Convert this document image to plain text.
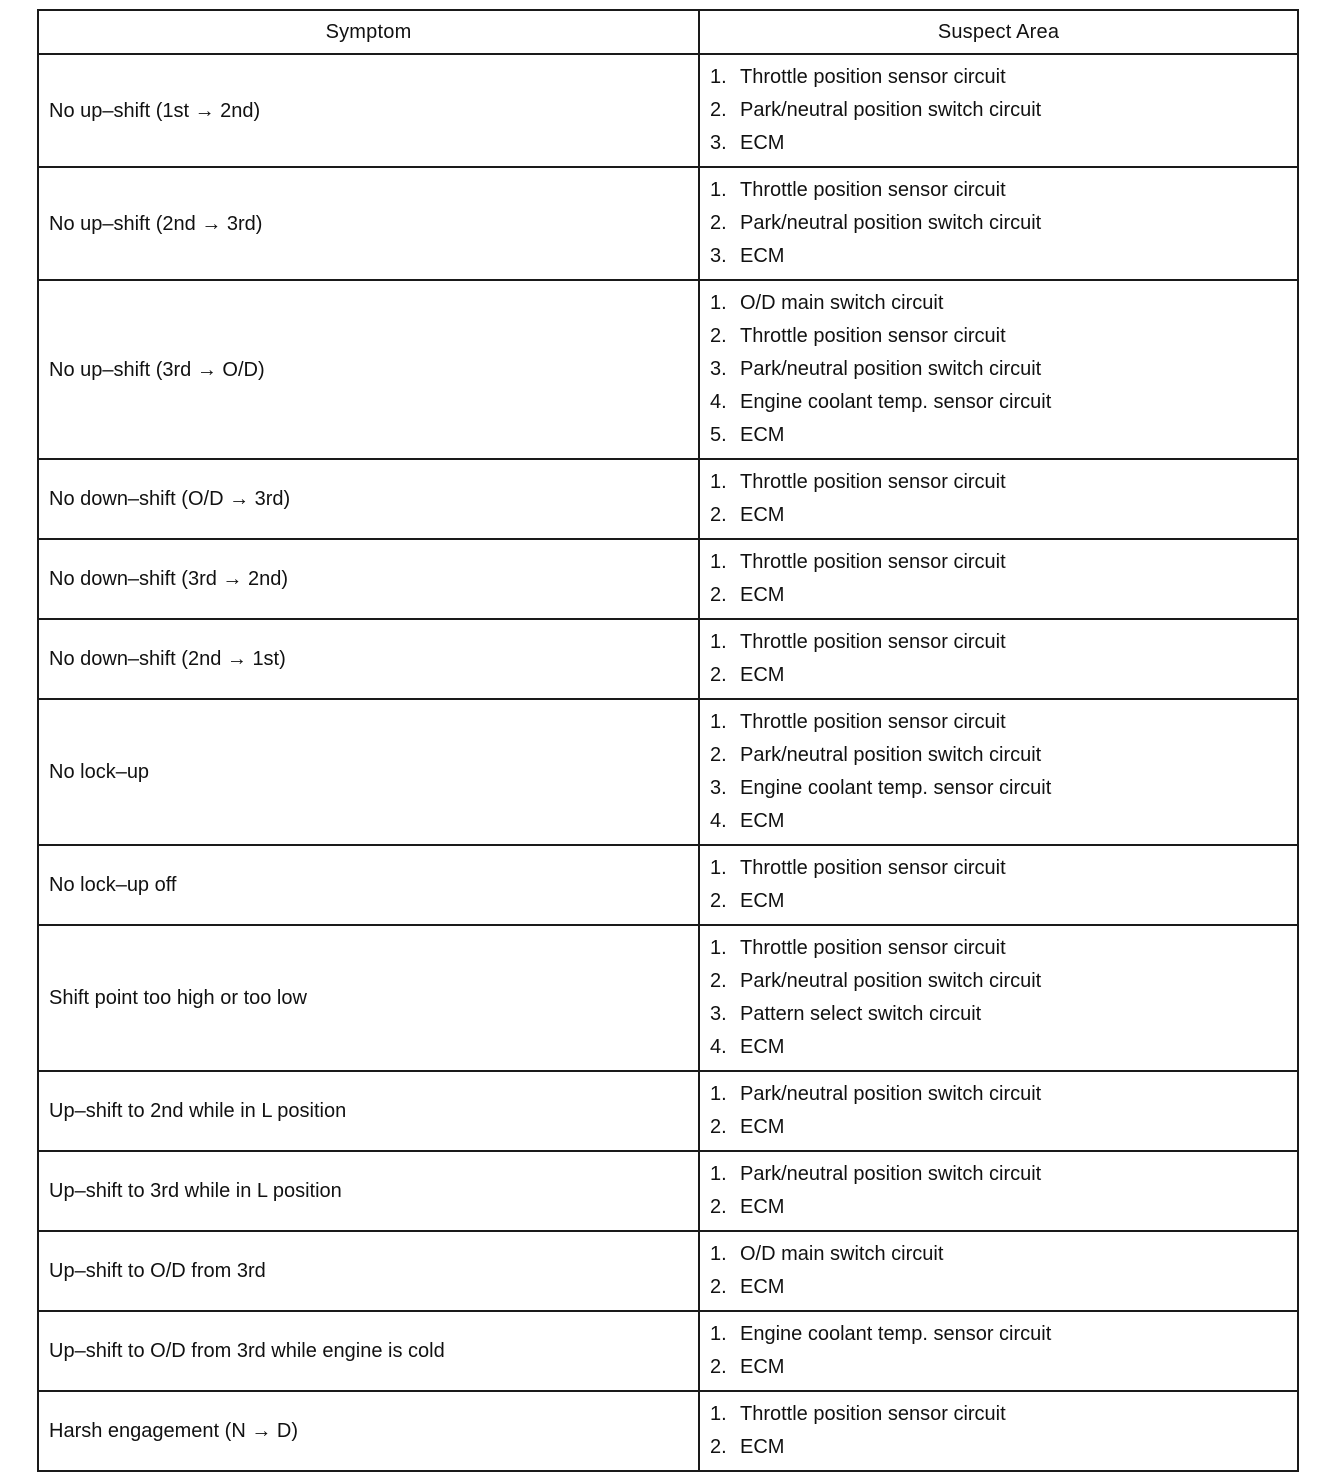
Symptom	Suspect Area
No up–shift (1st → 2nd)	1. Throttle position sensor circuit
2. Park/neutral position switch circuit
3. ECM

No up–shift (2nd → 3rd)	1. Throttle position sensor circuit
2. Park/neutral position switch circuit
3. ECM

No up–shift (3rd → O/D)	1. O/D main switch circuit
2. Throttle position sensor circuit
3. Park/neutral position switch circuit
4. Engine coolant temp. sensor circuit
5. ECM

No down–shift (O/D → 3rd)	1. Throttle position sensor circuit
2. ECM

No down–shift (3rd → 2nd)	1. Throttle position sensor circuit
2. ECM

No down–shift (2nd → 1st)	1. Throttle position sensor circuit
2. ECM

No lock–up	1. Throttle position sensor circuit
2. Park/neutral position switch circuit
3. Engine coolant temp. sensor circuit
4. ECM

No lock–up off	1. Throttle position sensor circuit
2. ECM

Shift point too high or too low	1. Throttle position sensor circuit
2. Park/neutral position switch circuit
3. Pattern select switch circuit
4. ECM

Up–shift to 2nd while in L position	1. Park/neutral position switch circuit
2. ECM

Up–shift to 3rd while in L position	1. Park/neutral position switch circuit
2. ECM

Up–shift to O/D from 3rd	1. O/D main switch circuit
2. ECM

Up–shift to O/D from 3rd while engine is cold	1. Engine coolant temp. sensor circuit
2. ECM

Harsh engagement (N → D)	1. Throttle position sensor circuit
2. ECM
